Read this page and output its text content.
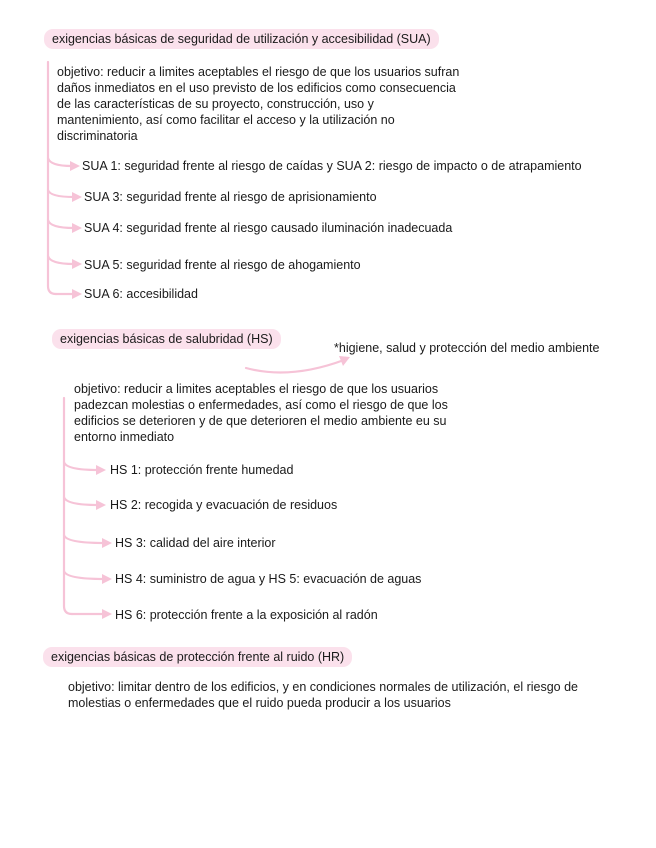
exigencias básicas de seguridad de utilización y accesibilidad (SUA)
objetivo: reducir a limites aceptables el riesgo de que los usuarios sufran daños inmediatos en el uso previsto de los edificios como consecuencia de las características de su proyecto, construcción, uso y mantenimiento, así como facilitar el acceso y la utilización no discriminatoria
SUA 1: seguridad frente al riesgo de caídas y SUA 2: riesgo de impacto o de atrapamiento
SUA 3: seguridad frente al riesgo de aprisionamiento
SUA 4: seguridad frente al riesgo causado iluminación inadecuada
SUA 5: seguridad frente al riesgo de ahogamiento
SUA 6: accesibilidad
exigencias básicas de salubridad (HS)
*higiene, salud y protección del medio ambiente
objetivo: reducir a limites aceptables el riesgo de que los usuarios padezcan molestias o enfermedades, así como el riesgo de que los edificios se deterioren y de que deterioren el medio ambiente eu su entorno inmediato
HS 1: protección frente humedad
HS 2: recogida y evacuación de residuos
HS 3: calidad del aire interior
HS 4: suministro de agua y HS 5: evacuación de aguas
HS 6: protección frente a la exposición al radón
exigencias básicas de protección frente al ruido (HR)
objetivo: limitar dentro de los edificios, y en condiciones normales de utilización, el riesgo de molestias o enfermedades que el ruido pueda producir a los usuarios
